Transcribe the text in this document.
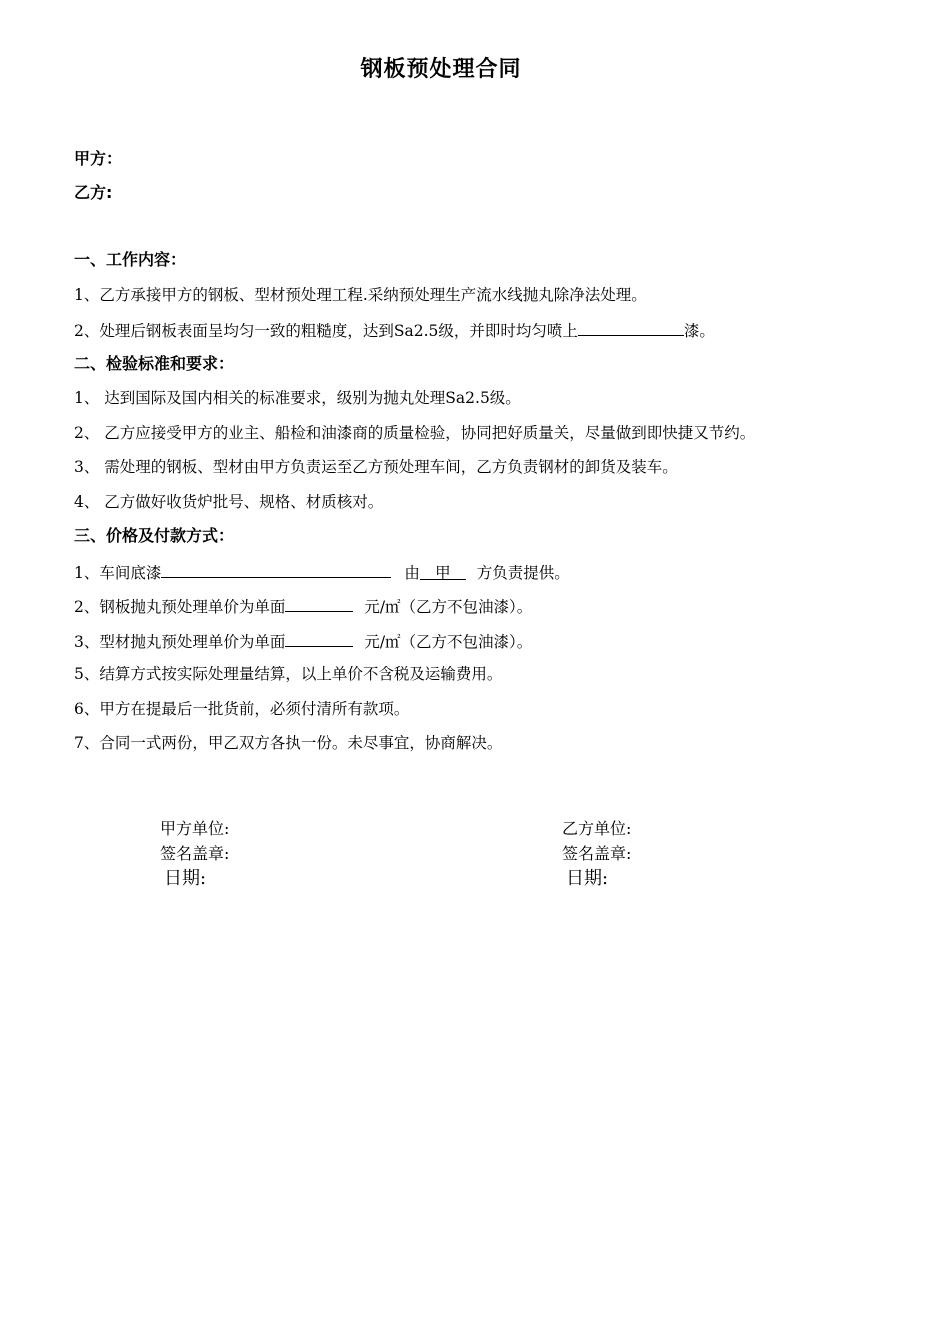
钢板预处理合同
甲方：
乙方:
一、工作内容：
1、乙方承接甲方的钢板、型材预处理工程.采纳预处理生产流水线抛丸除净法处理。
2、处理后钢板表面呈均匀一致的粗糙度，达到Sa2.5级，并即时均匀喷上	漆。
二、检验标准和要求：
1、 达到国际及国内相关的标准要求，级别为抛丸处理Sa2.5级。
2、 乙方应接受甲方的业主、船检和油漆商的质量检验，协同把好质量关，尽量做到即快捷又节约。
3、 需处理的钢板、型材由甲方负责运至乙方预处理车间，乙方负责钢材的卸货及装车。
4、 乙方做好收货炉批号、规格、材质核对。
三、价格及付款方式：
1、车间底漆	由 甲 方负责提供。
2、钢板抛丸预处理单价为单面	元/㎡（乙方不包油漆）。
3、型材抛丸预处理单价为单面	元/㎡（乙方不包油漆）。
5、结算方式按实际处理量结算，以上单价不含税及运输费用。
6、甲方在提最后一批货前，必须付清所有款项。
7、合同一式两份，甲乙双方各执一份。未尽事宜，协商解决。
甲方单位:
签名盖章:
日期:
乙方单位:
签名盖章:
日期:
